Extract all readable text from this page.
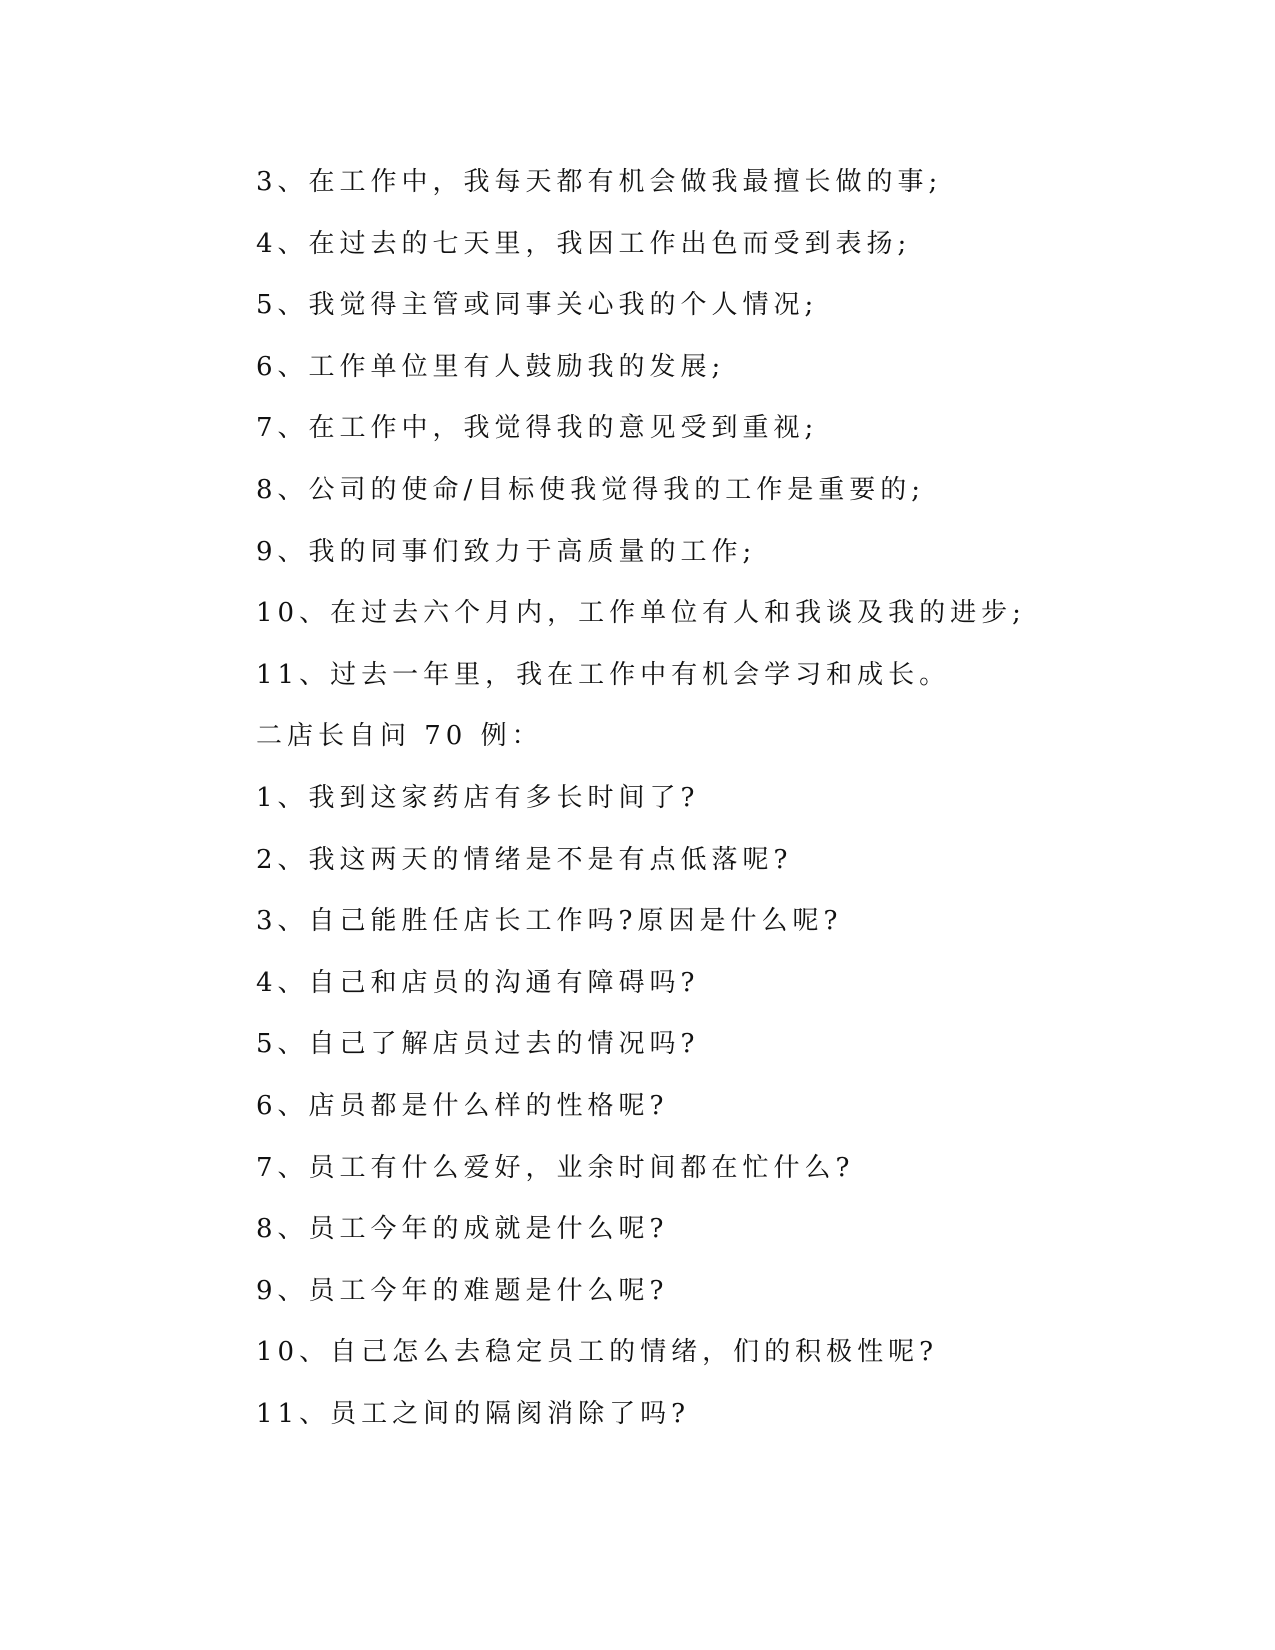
3、在工作中，我每天都有机会做我最擅长做的事;
4、在过去的七天里，我因工作出色而受到表扬;
5、我觉得主管或同事关心我的个人情况;
6、工作单位里有人鼓励我的发展;
7、在工作中，我觉得我的意见受到重视;
8、公司的使命/目标使我觉得我的工作是重要的;
9、我的同事们致力于高质量的工作;
10、在过去六个月内，工作单位有人和我谈及我的进步;
11、过去一年里，我在工作中有机会学习和成长。
二店长自问 70 例：
1、我到这家药店有多长时间了?
2、我这两天的情绪是不是有点低落呢?
3、自己能胜任店长工作吗?原因是什么呢?
4、自己和店员的沟通有障碍吗?
5、自己了解店员过去的情况吗?
6、店员都是什么样的性格呢?
7、员工有什么爱好，业余时间都在忙什么?
8、员工今年的成就是什么呢?
9、员工今年的难题是什么呢?
10、自己怎么去稳定员工的情绪，们的积极性呢?
11、员工之间的隔阂消除了吗?
